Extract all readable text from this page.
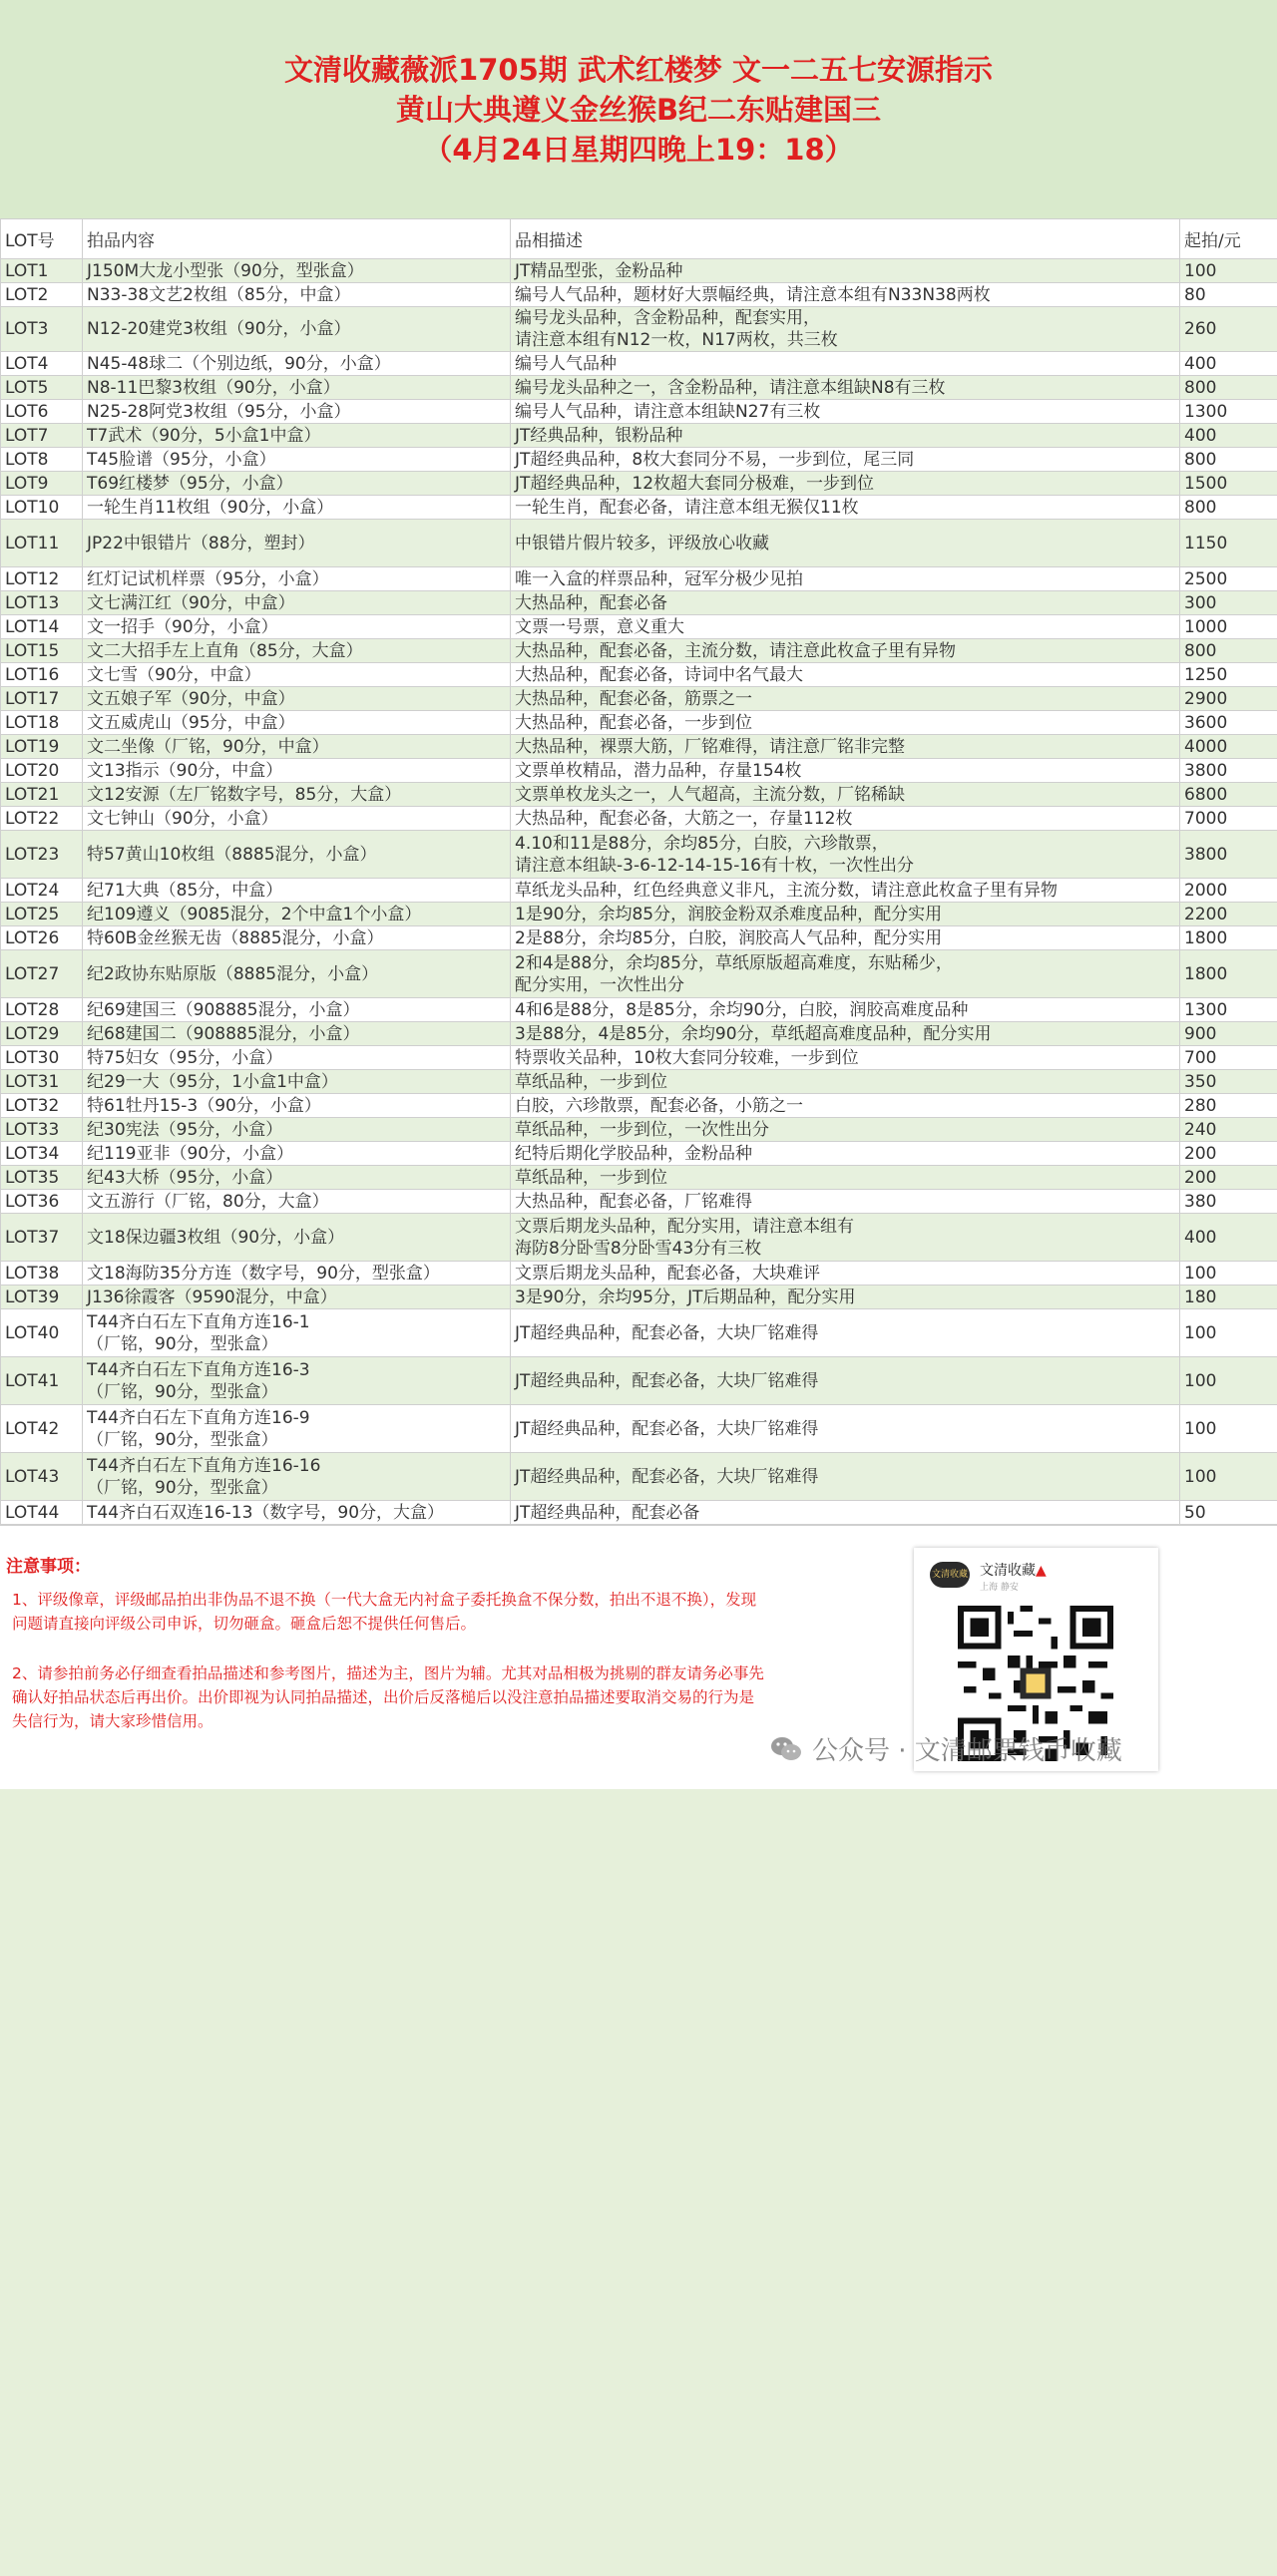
文清收藏薇派1705期 武术红楼梦 文一二五七安源指示
黄山大典遵义金丝猴B纪二东贴建国三
（4月24日星期四晚上19：18）
LOT号	拍品内容	品相描述	起拍/元
LOT1	J150M大龙小型张（90分，型张盒）	JT精品型张，金粉品种	100
LOT2	N33-38文艺2枚组（85分，中盒）	编号人气品种，题材好大票幅经典，请注意本组有N33N38两枚	80
LOT3	N12-20建党3枚组（90分，小盒）	编号龙头品种，含金粉品种，配套实用，
请注意本组有N12一枚，N17两枚，共三枚	260
LOT4	N45-48球二（个别边纸，90分，小盒）	编号人气品种	400
LOT5	N8-11巴黎3枚组（90分，小盒）	编号龙头品种之一，含金粉品种，请注意本组缺N8有三枚	800
LOT6	N25-28阿党3枚组（95分，小盒）	编号人气品种，请注意本组缺N27有三枚	1300
LOT7	T7武术（90分，5小盒1中盒）	JT经典品种，银粉品种	400
LOT8	T45脸谱（95分，小盒）	JT超经典品种，8枚大套同分不易，一步到位，尾三同	800
LOT9	T69红楼梦（95分，小盒）	JT超经典品种，12枚超大套同分极难，一步到位	1500
LOT10	一轮生肖11枚组（90分，小盒）	一轮生肖，配套必备，请注意本组无猴仅11枚	800
LOT11	JP22中银错片（88分，塑封）	中银错片假片较多，评级放心收藏	1150
LOT12	红灯记试机样票（95分，小盒）	唯一入盒的样票品种，冠军分极少见拍	2500
LOT13	文七满江红（90分，中盒）	大热品种，配套必备	300
LOT14	文一招手（90分，小盒）	文票一号票，意义重大	1000
LOT15	文二大招手左上直角（85分，大盒）	大热品种，配套必备，主流分数，请注意此枚盒子里有异物	800
LOT16	文七雪（90分，中盒）	大热品种，配套必备，诗词中名气最大	1250
LOT17	文五娘子军（90分，中盒）	大热品种，配套必备，筋票之一	2900
LOT18	文五威虎山（95分，中盒）	大热品种，配套必备，一步到位	3600
LOT19	文二坐像（厂铭，90分，中盒）	大热品种，裸票大筋，厂铭难得，请注意厂铭非完整	4000
LOT20	文13指示（90分，中盒）	文票单枚精品，潜力品种，存量154枚	3800
LOT21	文12安源（左厂铭数字号，85分，大盒）	文票单枚龙头之一，人气超高，主流分数，厂铭稀缺	6800
LOT22	文七钟山（90分，小盒）	大热品种，配套必备，大筋之一，存量112枚	7000
LOT23	特57黄山10枚组（8885混分，小盒）	4.10和11是88分，余均85分，白胶，六珍散票，
请注意本组缺-3-6-12-14-15-16有十枚，一次性出分	3800
LOT24	纪71大典（85分，中盒）	草纸龙头品种，红色经典意义非凡，主流分数，请注意此枚盒子里有异物	2000
LOT25	纪109遵义（9085混分，2个中盒1个小盒）	1是90分，余均85分，润胶金粉双杀难度品种，配分实用	2200
LOT26	特60B金丝猴无齿（8885混分，小盒）	2是88分，余均85分，白胶，润胶高人气品种，配分实用	1800
LOT27	纪2政协东贴原版（8885混分，小盒）	2和4是88分，余均85分，草纸原版超高难度，东贴稀少，
配分实用，一次性出分	1800
LOT28	纪69建国三（908885混分，小盒）	4和6是88分，8是85分，余均90分，白胶，润胶高难度品种	1300
LOT29	纪68建国二（908885混分，小盒）	3是88分，4是85分，余均90分，草纸超高难度品种，配分实用	900
LOT30	特75妇女（95分，小盒）	特票收关品种，10枚大套同分较难，一步到位	700
LOT31	纪29一大（95分，1小盒1中盒）	草纸品种，一步到位	350
LOT32	特61牡丹15-3（90分，小盒）	白胶，六珍散票，配套必备，小筋之一	280
LOT33	纪30宪法（95分，小盒）	草纸品种，一步到位，一次性出分	240
LOT34	纪119亚非（90分，小盒）	纪特后期化学胶品种，金粉品种	200
LOT35	纪43大桥（95分，小盒）	草纸品种，一步到位	200
LOT36	文五游行（厂铭，80分，大盒）	大热品种，配套必备，厂铭难得	380
LOT37	文18保边疆3枚组（90分，小盒）	文票后期龙头品种，配分实用，请注意本组有
海防8分卧雪8分卧雪43分有三枚	400
LOT38	文18海防35分方连（数字号，90分，型张盒）	文票后期龙头品种，配套必备，大块难评	100
LOT39	J136徐霞客（9590混分，中盒）	3是90分，余均95分，JT后期品种，配分实用	180
LOT40	T44齐白石左下直角方连16-1
（厂铭，90分，型张盒）	JT超经典品种，配套必备，大块厂铭难得	100
LOT41	T44齐白石左下直角方连16-3
（厂铭，90分，型张盒）	JT超经典品种，配套必备，大块厂铭难得	100
LOT42	T44齐白石左下直角方连16-9
（厂铭，90分，型张盒）	JT超经典品种，配套必备，大块厂铭难得	100
LOT43	T44齐白石左下直角方连16-16
（厂铭，90分，型张盒）	JT超经典品种，配套必备，大块厂铭难得	100
LOT44	T44齐白石双连16-13（数字号，90分，大盒）	JT超经典品种，配套必备	50
注意事项：
1、评级像章，评级邮品拍出非伪品不退不换（一代大盒无内衬盒子委托换盒不保分数，拍出不退不换），发现问题请直接向评级公司申诉，切勿砸盒。砸盒后恕不提供任何售后。
2、请参拍前务必仔细查看拍品描述和参考图片，描述为主，图片为辅。尤其对品相极为挑剔的群友请务必事先确认好拍品状态后再出价。出价即视为认同拍品描述，出价后反落槌后以没注意拍品描述要取消交易的行为是失信行为，请大家珍惜信用。
文清收藏 文清收藏▲
上海 静安
公众号 · 文清邮票钱币收藏
